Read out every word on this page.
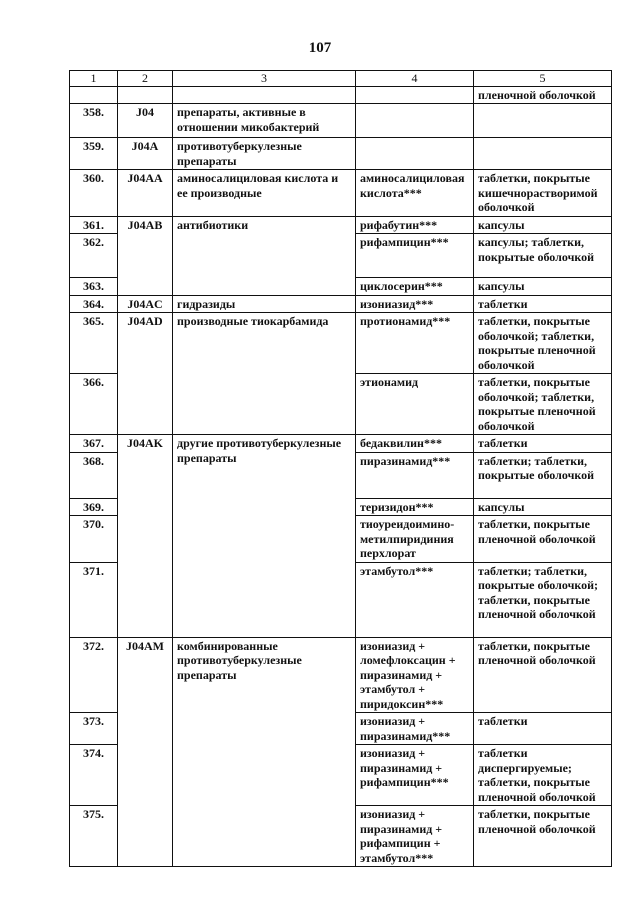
107
1	2	3	4	5
				пленочной оболочкой
358.	J04	препараты, активные в отношении микобактерий		
359.	J04A	противотуберкулезные препараты		
360.	J04AA	аминосалициловая кислота и ее производные	аминосалициловая кислота***	таблетки, покрытые кишечнорастворимой оболочкой
361.	J04AB	антибиотики	рифабутин***	капсулы
362.			рифампицин***	капсулы; таблетки, покрытые оболочкой
363.			циклосерин***	капсулы
364.	J04AC	гидразиды	изониазид***	таблетки
365.	J04AD	производные тиокарбамида	протионамид***	таблетки, покрытые оболочкой; таблетки, покрытые пленочной оболочкой
366.			этионамид	таблетки, покрытые оболочкой; таблетки, покрытые пленочной оболочкой
367.	J04AK	другие противотуберкулезные препараты	бедаквилин***	таблетки
368.			пиразинамид***	таблетки; таблетки, покрытые оболочкой
369.			теризидон***	капсулы
370.			тиоуреидоимино-метилпиридиния перхлорат	таблетки, покрытые пленочной оболочкой
371.			этамбутол***	таблетки; таблетки, покрытые оболочкой; таблетки, покрытые пленочной оболочкой
372.	J04AM	комбинированные противотуберкулезные препараты	изониазид + ломефлоксацин + пиразинамид + этамбутол + пиридоксин***	таблетки, покрытые пленочной оболочкой
373.			изониазид + пиразинамид***	таблетки
374.			изониазид + пиразинамид + рифампицин***	таблетки диспергируемые; таблетки, покрытые пленочной оболочкой
375.			изониазид + пиразинамид + рифампицин + этамбутол***	таблетки, покрытые пленочной оболочкой
